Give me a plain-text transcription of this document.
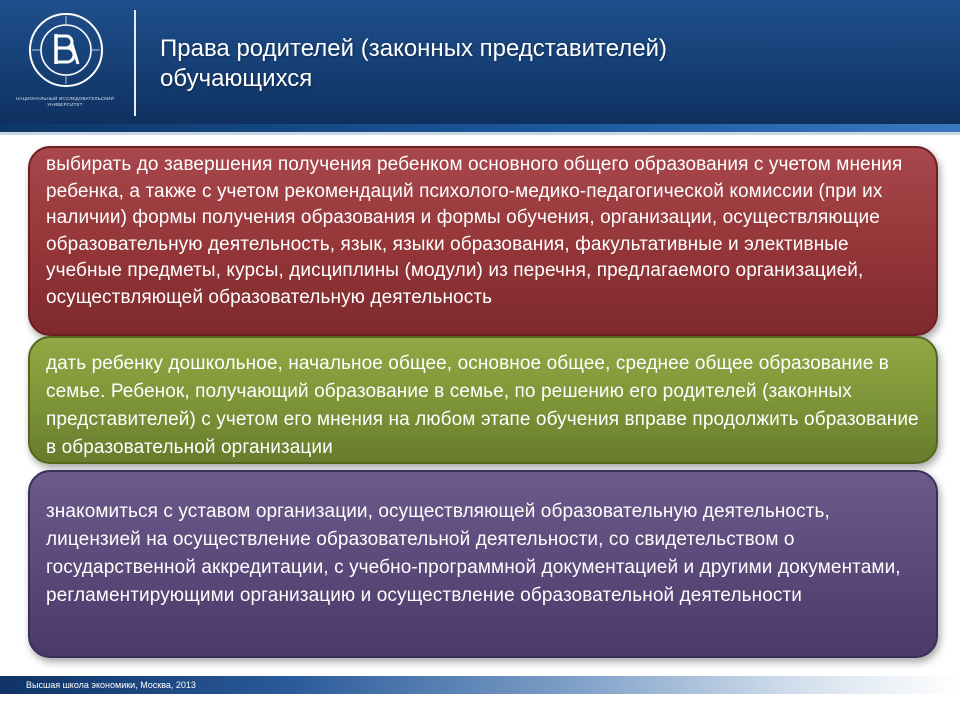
НАЦИОНАЛЬНЫЙ ИССЛЕДОВАТЕЛЬСКИЙ УНИВЕРСИТЕТ
Права родителей (законных представителей)
обучающихся

выбирать до завершения получения ребенком основного общего образования с учетом мнения ребенка, а также с учетом рекомендаций психолого-медико-педагогической комиссии (при их наличии) формы получения образования и формы обучения, организации, осуществляющие образовательную деятельность, язык, языки образования, факультативные и элективные учебные предметы, курсы, дисциплины (модули) из перечня, предлагаемого организацией, осуществляющей образовательную деятельность

дать ребенку дошкольное, начальное общее, основное общее, среднее общее образование в семье. Ребенок, получающий образование в семье, по решению его родителей (законных представителей) с учетом его мнения на любом этапе обучения вправе продолжить образование в образовательной организации

знакомиться с уставом организации, осуществляющей образовательную деятельность, лицензией на осуществление образовательной деятельности, со свидетельством о государственной аккредитации, с учебно-программной документацией и другими документами, регламентирующими организацию и осуществление образовательной деятельности

Высшая школа экономики, Москва, 2013
